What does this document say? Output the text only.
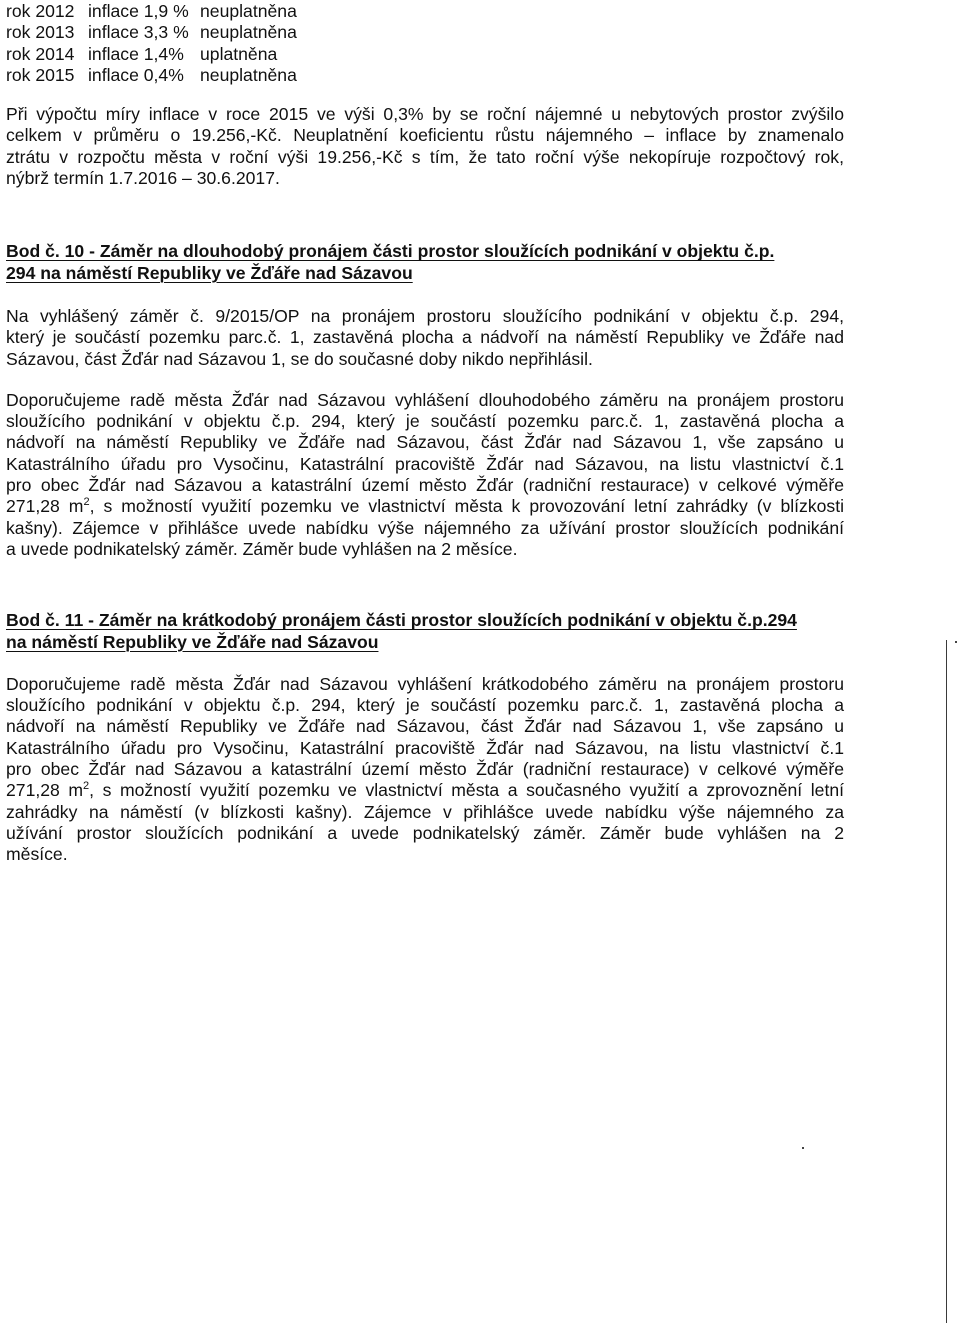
rok 2012 inflace 1,9 % neuplatněna
rok 2013 inflace 3,3 % neuplatněna
rok 2014 inflace 1,4% uplatněna
rok 2015 inflace 0,4% neuplatněna
Při výpočtu míry inflace v roce 2015 ve výši 0,3% by se roční nájemné u nebytových prostor zvýšilo
celkem v průměru o 19.256,-Kč. Neuplatnění koeficientu růstu nájemného – inflace by znamenalo
ztrátu v rozpočtu města v roční výši 19.256,-Kč s tím, že tato roční výše nekopíruje rozpočtový rok,
nýbrž termín 1.7.2016 – 30.6.2017.
Bod č. 10 - Záměr na dlouhodobý pronájem části prostor sloužících podnikání v objektu č.p.
294 na náměstí Republiky ve Žďáře nad Sázavou
Na vyhlášený záměr č. 9/2015/OP na pronájem prostoru sloužícího podnikání v objektu č.p. 294,
který je součástí pozemku parc.č. 1, zastavěná plocha a nádvoří na náměstí Republiky ve Žďáře nad
Sázavou, část Žďár nad Sázavou 1, se do současné doby nikdo nepřihlásil.
Doporučujeme radě města Žďár nad Sázavou vyhlášení dlouhodobého záměru na pronájem prostoru
sloužícího podnikání v objektu č.p. 294, který je součástí pozemku parc.č. 1, zastavěná plocha a
nádvoří na náměstí Republiky ve Žďáře nad Sázavou, část Žďár nad Sázavou 1, vše zapsáno u
Katastrálního úřadu pro Vysočinu, Katastrální pracoviště Žďár nad Sázavou, na listu vlastnictví č.1
pro obec Žďár nad Sázavou a katastrální území město Žďár (radniční restaurace) v celkové výměře
271,28 $m^2$, s možností využití pozemku ve vlastnictví města k provozování letní zahrádky (v blízkosti
kašny). Zájemce v přihlášce uvede nabídku výše nájemného za užívání prostor sloužících podnikání
a uvede podnikatelský záměr. Záměr bude vyhlášen na 2 měsíce.
Bod č. 11 - Záměr na krátkodobý pronájem části prostor sloužících podnikání v objektu č.p.294
na náměstí Republiky ve Žďáře nad Sázavou
Doporučujeme radě města Žďár nad Sázavou vyhlášení krátkodobého záměru na pronájem prostoru
sloužícího podnikání v objektu č.p. 294, který je součástí pozemku parc.č. 1, zastavěná plocha a
nádvoří na náměstí Republiky ve Žďáře nad Sázavou, část Žďár nad Sázavou 1, vše zapsáno u
Katastrálního úřadu pro Vysočinu, Katastrální pracoviště Žďár nad Sázavou, na listu vlastnictví č.1
pro obec Žďár nad Sázavou a katastrální území město Žďár (radniční restaurace) v celkové výměře
271,28 $m^2$, s možností využití pozemku ve vlastnictví města a současného využití a zprovoznění letní
zahrádky na náměstí (v blízkosti kašny). Zájemce v přihlášce uvede nabídku výše nájemného za
užívání prostor sloužících podnikání a uvede podnikatelský záměr. Záměr bude vyhlášen na 2
měsíce.
